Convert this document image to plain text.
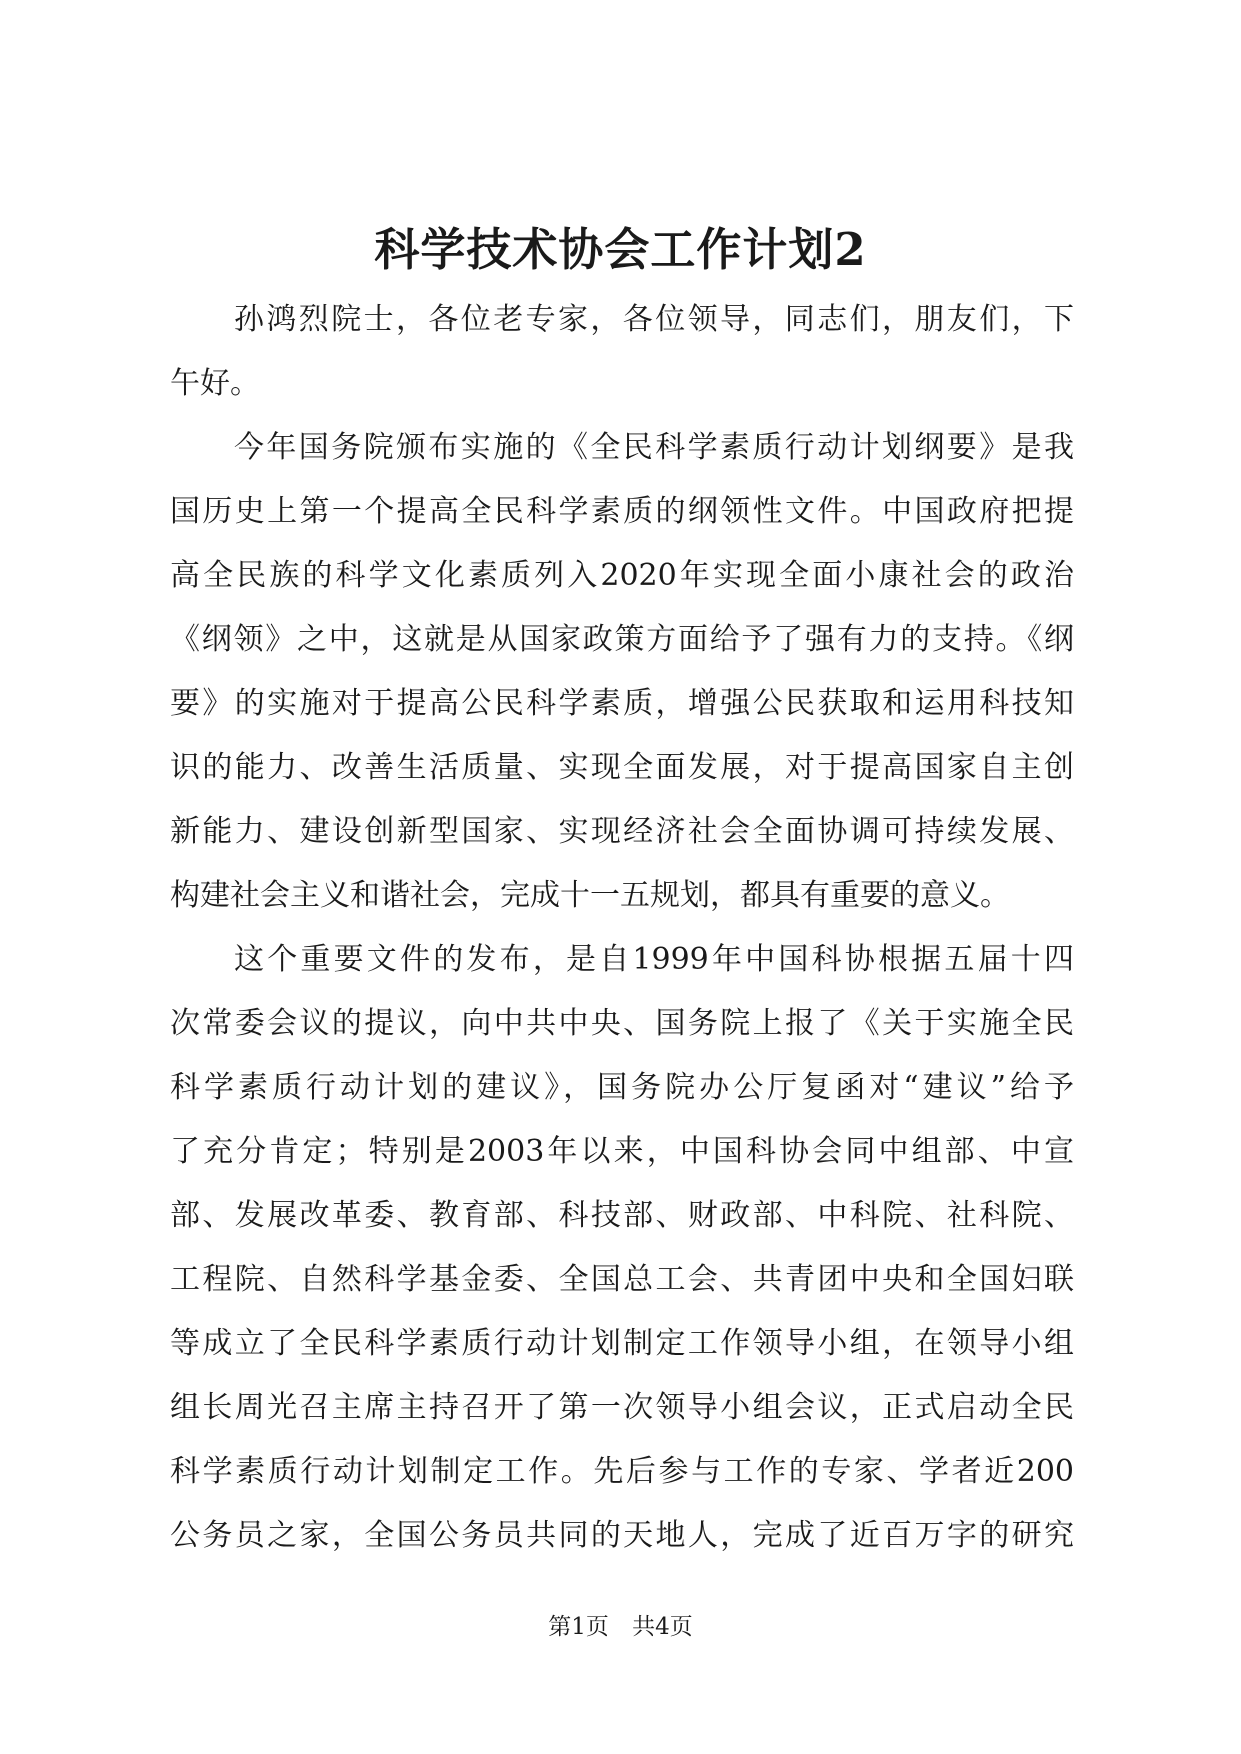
科学技术协会工作计划2
孙鸿烈院士，各位老专家，各位领导，同志们，朋友们，下
午好。
今年国务院颁布实施的《全民科学素质行动计划纲要》是我
国历史上第一个提高全民科学素质的纲领性文件。中国政府把提
高全民族的科学文化素质列入2020年实现全面小康社会的政治
《纲领》之中，这就是从国家政策方面给予了强有力的支持。《纲
要》的实施对于提高公民科学素质，增强公民获取和运用科技知
识的能力、改善生活质量、实现全面发展，对于提高国家自主创
新能力、建设创新型国家、实现经济社会全面协调可持续发展、
构建社会主义和谐社会，完成十一五规划，都具有重要的意义。
这个重要文件的发布，是自1999年中国科协根据五届十四
次常委会议的提议，向中共中央、国务院上报了《关于实施全民
科学素质行动计划的建议》，国务院办公厅复函对“建议”给予
了充分肯定；特别是2003年以来，中国科协会同中组部、中宣
部、发展改革委、教育部、科技部、财政部、中科院、社科院、
工程院、自然科学基金委、全国总工会、共青团中央和全国妇联
等成立了全民科学素质行动计划制定工作领导小组，在领导小组
组长周光召主席主持召开了第一次领导小组会议，正式启动全民
科学素质行动计划制定工作。先后参与工作的专家、学者近200
公务员之家，全国公务员共同的天地人，完成了近百万字的研究
第1页 共4页
